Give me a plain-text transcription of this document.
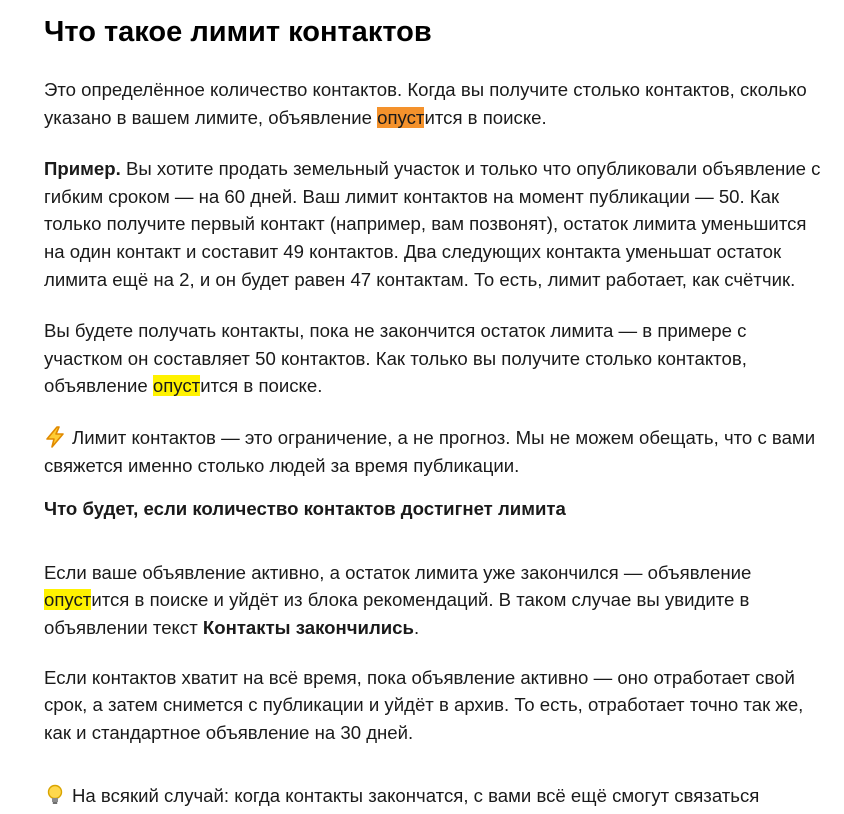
Что такое лимит контактов

Это определённое количество контактов. Когда вы получите столько контактов, сколько указано в вашем лимите, объявление опустится в поиске.

Пример. Вы хотите продать земельный участок и только что опубликовали объявление с гибким сроком — на 60 дней. Ваш лимит контактов на момент публикации — 50. Как только получите первый контакт (например, вам позвонят), остаток лимита уменьшится на один контакт и составит 49 контактов. Два следующих контакта уменьшат остаток лимита ещё на 2, и он будет равен 47 контактам. То есть, лимит работает, как счётчик.

Вы будете получать контакты, пока не закончится остаток лимита — в примере с участком он составляет 50 контактов. Как только вы получите столько контактов, объявление опустится в поиске.

Лимит контактов — это ограничение, а не прогноз. Мы не можем обещать, что с вами свяжется именно столько людей за время публикации.

Что будет, если количество контактов достигнет лимита

Если ваше объявление активно, а остаток лимита уже закончился — объявление опустится в поиске и уйдёт из блока рекомендаций. В таком случае вы увидите в объявлении текст Контакты закончились.

Если контактов хватит на всё время, пока объявление активно — оно отработает свой срок, а затем снимется с публикации и уйдёт в архив. То есть, отработает точно так же, как и стандартное объявление на 30 дней.

На всякий случай: когда контакты закончатся, с вами всё ещё смогут связаться
